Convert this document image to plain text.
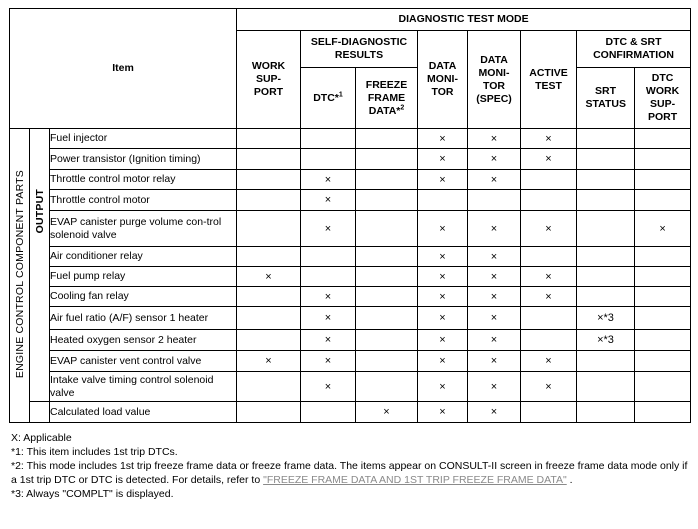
Item			DIAGNOSTIC TEST MODE							

			WORK SUP-PORT	SELF-DIAGNOSTIC RESULTS		DATA MONI-TOR	DATA MONI-TOR (SPEC)	ACTIVE TEST	DTC & SRT CONFIRMATION	

				DTC*$^1$	FREEZE FRAME DATA*$^2$				SRT STATUS	DTC WORK SUP-PORT

ENGINE CONTROL COMPONENT PARTS	OUTPUT	Fuel injector				×	×	×		
		Power transistor (Ignition timing)				×	×	×		
		Throttle control motor relay		×		×	×			
		Throttle control motor		×						
		EVAP canister purge volume con-trol solenoid valve		×		×	×	×		×
		Air conditioner relay				×	×			
		Fuel pump relay	×			×	×	×		
		Cooling fan relay		×		×	×	×		
		Air fuel ratio (A/F) sensor 1 heater		×		×	×		×*3	
		Heated oxygen sensor 2 heater		×		×	×		×*3	
		EVAP canister vent control valve	×	×		×	×	×		
		Intake valve timing control solenoid valve		×		×	×	×		
		Calculated load value			×	×	×			

X: Applicable

*1: This item includes 1st trip DTCs.

*2: This mode includes 1st trip freeze frame data or freeze frame data. The items appear on CONSULT-II screen in freeze frame data mode only if a 1st trip DTC or DTC is detected. For details, refer to "FREEZE FRAME DATA AND 1ST TRIP FREEZE FRAME DATA" .

*3: Always "COMPLT" is displayed.
